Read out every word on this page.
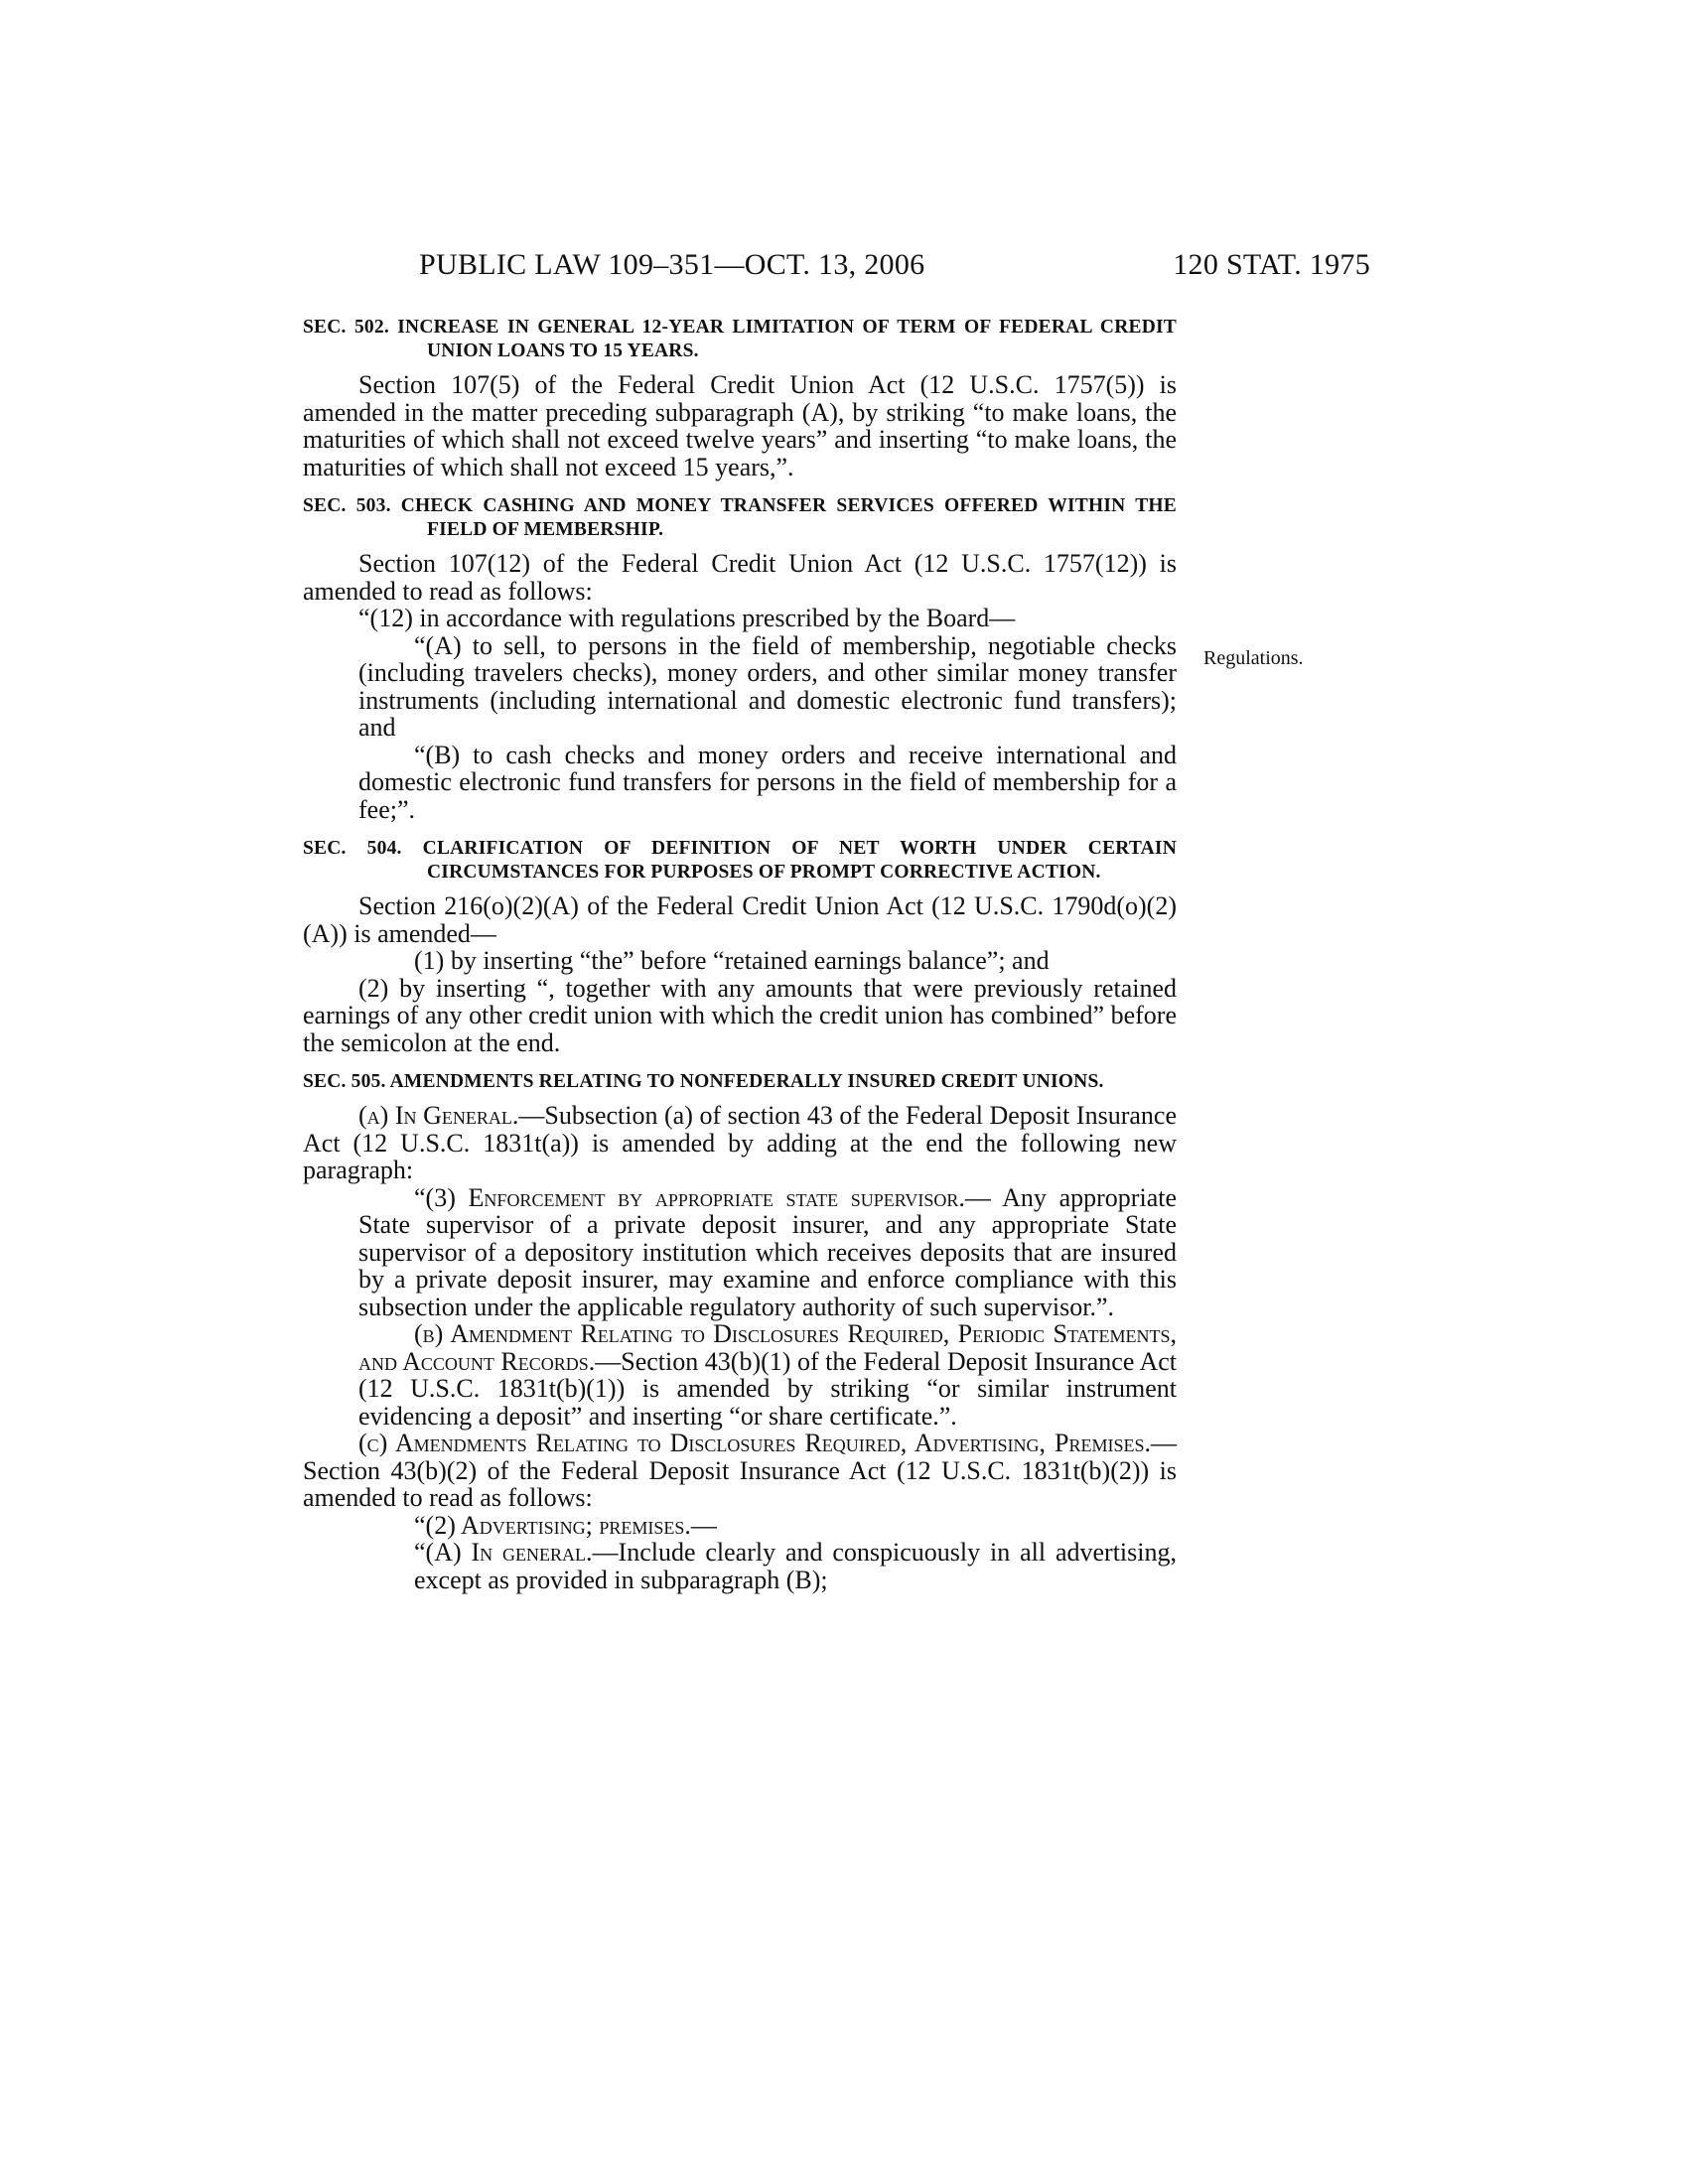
PUBLIC LAW 109–351—OCT. 13, 2006	120 STAT. 1975
Regulations.

SEC. 502. INCREASE IN GENERAL 12-YEAR LIMITATION OF TERM OF FEDERAL CREDIT UNION LOANS TO 15 YEARS.

Section 107(5) of the Federal Credit Union Act (12 U.S.C. 1757(5)) is amended in the matter preceding subparagraph (A), by striking “to make loans, the maturities of which shall not exceed twelve years” and inserting “to make loans, the maturities of which shall not exceed 15 years,”.

SEC. 503. CHECK CASHING AND MONEY TRANSFER SERVICES OFFERED WITHIN THE FIELD OF MEMBERSHIP.

Section 107(12) of the Federal Credit Union Act (12 U.S.C. 1757(12)) is amended to read as follows:

“(12) in accordance with regulations prescribed by the Board—

“(A) to sell, to persons in the field of membership, negotiable checks (including travelers checks), money orders, and other similar money transfer instruments (including international and domestic electronic fund transfers); and

“(B) to cash checks and money orders and receive international and domestic electronic fund transfers for persons in the field of membership for a fee;”.

SEC. 504. CLARIFICATION OF DEFINITION OF NET WORTH UNDER CERTAIN CIRCUMSTANCES FOR PURPOSES OF PROMPT CORRECTIVE ACTION.

Section 216(o)(2)(A) of the Federal Credit Union Act (12 U.S.C. 1790d(o)(2)(A)) is amended—

(1) by inserting “the” before “retained earnings balance”; and

(2) by inserting “, together with any amounts that were previously retained earnings of any other credit union with which the credit union has combined” before the semicolon at the end.

SEC. 505. AMENDMENTS RELATING TO NONFEDERALLY INSURED CREDIT UNIONS.

(a) In General.—Subsection (a) of section 43 of the Federal Deposit Insurance Act (12 U.S.C. 1831t(a)) is amended by adding at the end the following new paragraph:

“(3) Enforcement by appropriate state supervisor.— Any appropriate State supervisor of a private deposit insurer, and any appropriate State supervisor of a depository institution which receives deposits that are insured by a private deposit insurer, may examine and enforce compliance with this subsection under the applicable regulatory authority of such supervisor.”.

(b) Amendment Relating to Disclosures Required, Periodic Statements, and Account Records.—Section 43(b)(1) of the Federal Deposit Insurance Act (12 U.S.C. 1831t(b)(1)) is amended by striking “or similar instrument evidencing a deposit” and inserting “or share certificate.”.

(c) Amendments Relating to Disclosures Required, Advertising, Premises.—Section 43(b)(2) of the Federal Deposit Insurance Act (12 U.S.C. 1831t(b)(2)) is amended to read as follows:

“(2) Advertising; premises.—

“(A) In general.—Include clearly and conspicuously in all advertising, except as provided in subparagraph (B);
